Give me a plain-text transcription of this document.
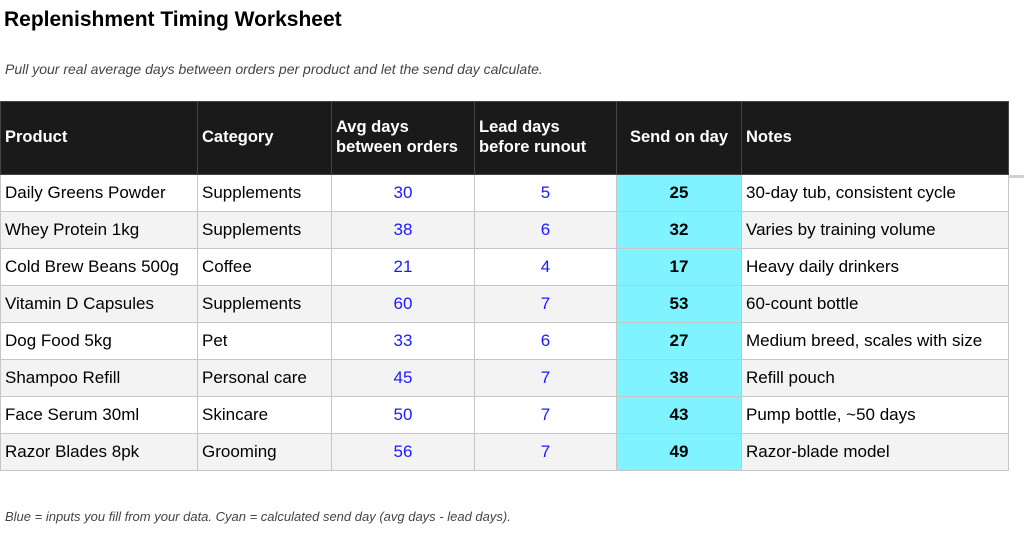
Replenishment Timing Worksheet

Pull your real average days between orders per product and let the send day calculate.

Product	Category	Avg days between orders	Lead days before runout	Send on day	Notes
Daily Greens Powder	Supplements	30	5	25	30-day tub, consistent cycle

Whey Protein 1kg	Supplements	38	6	32	Varies by training volume

Cold Brew Beans 500g	Coffee	21	4	17	Heavy daily drinkers

Vitamin D Capsules	Supplements	60	7	53	60-count bottle

Dog Food 5kg	Pet	33	6	27	Medium breed, scales with size

Shampoo Refill	Personal care	45	7	38	Refill pouch

Face Serum 30ml	Skincare	50	7	43	Pump bottle, ~50 days

Razor Blades 8pk	Grooming	56	7	49	Razor-blade model

Blue = inputs you fill from your data. Cyan = calculated send day (avg days - lead days).
